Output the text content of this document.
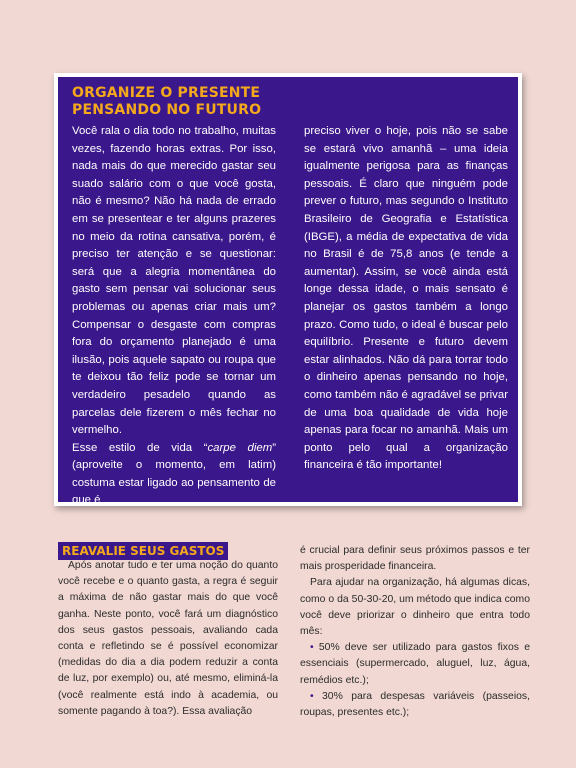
ORGANIZE O PRESENTE
PENSANDO NO FUTURO

Você rala o dia todo no trabalho, muitas vezes, fazendo horas extras. Por isso, nada mais do que merecido gastar seu suado salário com o que você gosta, não é mesmo? Não há nada de errado em se presentear e ter alguns prazeres no meio da rotina cansativa, porém, é preciso ter atenção e se questionar: será que a alegria momentânea do gasto sem pensar vai solucionar seus problemas ou apenas criar mais um? Compensar o desgaste com compras fora do orçamento planejado é uma ilusão, pois aquele sapato ou roupa que te deixou tão feliz pode se tornar um verdadeiro pesadelo quando as parcelas dele fizerem o mês fechar no vermelho.

Esse estilo de vida “carpe diem” (aproveite o momento, em latim) costuma estar ligado ao pensamento de que é

preciso viver o hoje, pois não se sabe se estará vivo amanhã – uma ideia igualmente perigosa para as finanças pessoais. É claro que ninguém pode prever o futuro, mas segundo o Instituto Brasileiro de Geografia e Estatística (IBGE), a média de expectativa de vida no Brasil é de 75,8 anos (e tende a aumentar). Assim, se você ainda está longe dessa idade, o mais sensato é planejar os gastos também a longo prazo. Como tudo, o ideal é buscar pelo equilíbrio. Presente e futuro devem estar alinhados. Não dá para torrar todo o dinheiro apenas pensando no hoje, como também não é agradável se privar de uma boa qualidade de vida hoje apenas para focar no amanhã. Mais um ponto pelo qual a organização financeira é tão importante!

REAVALIE SEUS GASTOS

Após anotar tudo e ter uma noção do quanto você recebe e o quanto gasta, a regra é seguir a máxima de não gastar mais do que você ganha. Neste ponto, você fará um diagnóstico dos seus gastos pessoais, avaliando cada conta e refletindo se é possível economizar (medidas do dia a dia podem reduzir a conta de luz, por exemplo) ou, até mesmo, eliminá-la (você realmente está indo à academia, ou somente pagando à toa?). Essa avaliação

é crucial para definir seus próximos passos e ter mais prosperidade financeira.

Para ajudar na organização, há algumas dicas, como o da 50-30-20, um método que indica como você deve priorizar o dinheiro que entra todo mês:

• 50% deve ser utilizado para gastos fixos e essenciais (supermercado, aluguel, luz, água, remédios etc.);

• 30% para despesas variáveis (passeios, roupas, presentes etc.);
